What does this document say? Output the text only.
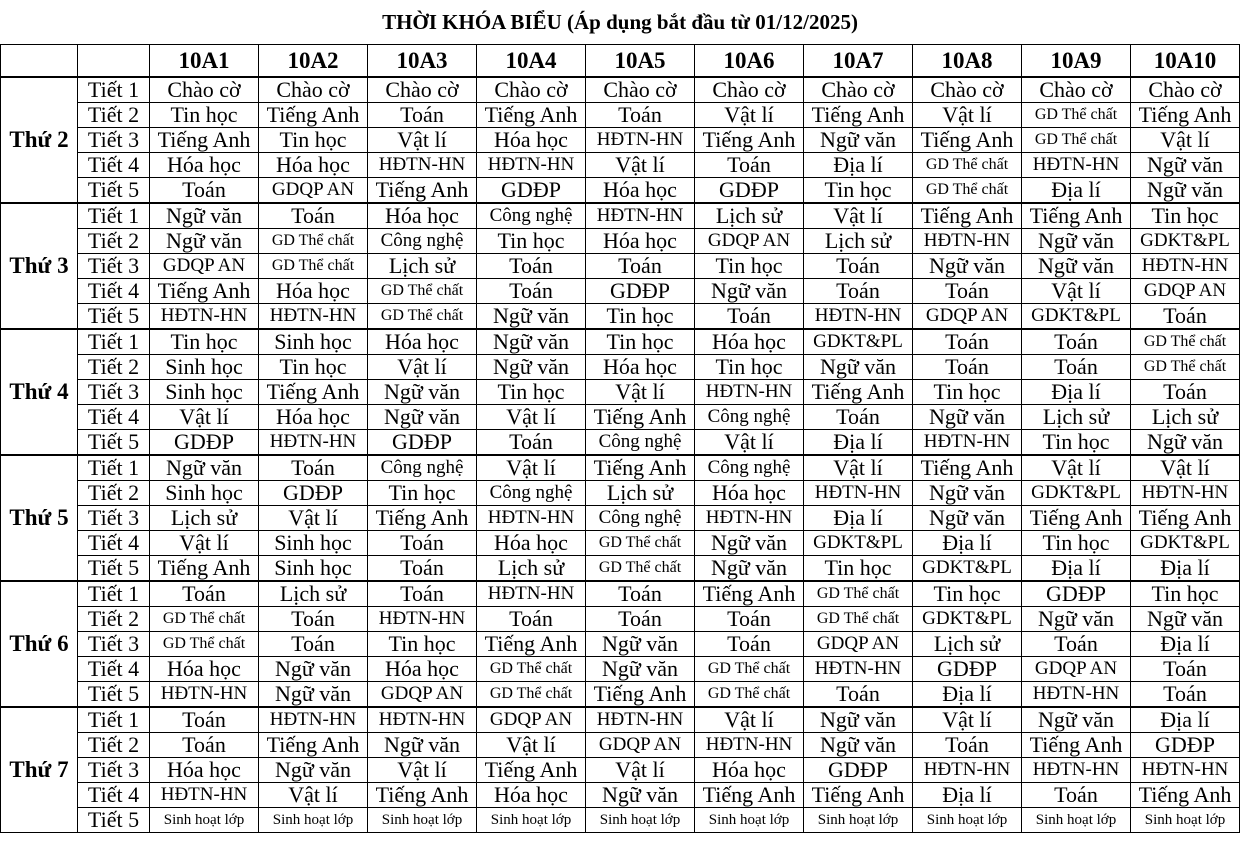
THỜI KHÓA BIỂU (Áp dụng bắt đầu từ 01/12/2025)
		10A1	10A2	10A3	10A4	10A5	10A6	10A7	10A8	10A9	10A10
Thứ 2	Tiết 1	Chào cờ	Chào cờ	Chào cờ	Chào cờ	Chào cờ	Chào cờ	Chào cờ	Chào cờ	Chào cờ	Chào cờ
	Tiết 2	Tin học	Tiếng Anh	Toán	Tiếng Anh	Toán	Vật lí	Tiếng Anh	Vật lí	GD Thể chất	Tiếng Anh
	Tiết 3	Tiếng Anh	Tin học	Vật lí	Hóa học	HĐTN-HN	Tiếng Anh	Ngữ văn	Tiếng Anh	GD Thể chất	Vật lí
	Tiết 4	Hóa học	Hóa học	HĐTN-HN	HĐTN-HN	Vật lí	Toán	Địa lí	GD Thể chất	HĐTN-HN	Ngữ văn
	Tiết 5	Toán	GDQP AN	Tiếng Anh	GDĐP	Hóa học	GDĐP	Tin học	GD Thể chất	Địa lí	Ngữ văn
Thứ 3	Tiết 1	Ngữ văn	Toán	Hóa học	Công nghệ	HĐTN-HN	Lịch sử	Vật lí	Tiếng Anh	Tiếng Anh	Tin học
	Tiết 2	Ngữ văn	GD Thể chất	Công nghệ	Tin học	Hóa học	GDQP AN	Lịch sử	HĐTN-HN	Ngữ văn	GDKT&PL
	Tiết 3	GDQP AN	GD Thể chất	Lịch sử	Toán	Toán	Tin học	Toán	Ngữ văn	Ngữ văn	HĐTN-HN
	Tiết 4	Tiếng Anh	Hóa học	GD Thể chất	Toán	GDĐP	Ngữ văn	Toán	Toán	Vật lí	GDQP AN
	Tiết 5	HĐTN-HN	HĐTN-HN	GD Thể chất	Ngữ văn	Tin học	Toán	HĐTN-HN	GDQP AN	GDKT&PL	Toán
Thứ 4	Tiết 1	Tin học	Sinh học	Hóa học	Ngữ văn	Tin học	Hóa học	GDKT&PL	Toán	Toán	GD Thể chất
	Tiết 2	Sinh học	Tin học	Vật lí	Ngữ văn	Hóa học	Tin học	Ngữ văn	Toán	Toán	GD Thể chất
	Tiết 3	Sinh học	Tiếng Anh	Ngữ văn	Tin học	Vật lí	HĐTN-HN	Tiếng Anh	Tin học	Địa lí	Toán
	Tiết 4	Vật lí	Hóa học	Ngữ văn	Vật lí	Tiếng Anh	Công nghệ	Toán	Ngữ văn	Lịch sử	Lịch sử
	Tiết 5	GDĐP	HĐTN-HN	GDĐP	Toán	Công nghệ	Vật lí	Địa lí	HĐTN-HN	Tin học	Ngữ văn
Thứ 5	Tiết 1	Ngữ văn	Toán	Công nghệ	Vật lí	Tiếng Anh	Công nghệ	Vật lí	Tiếng Anh	Vật lí	Vật lí
	Tiết 2	Sinh học	GDĐP	Tin học	Công nghệ	Lịch sử	Hóa học	HĐTN-HN	Ngữ văn	GDKT&PL	HĐTN-HN
	Tiết 3	Lịch sử	Vật lí	Tiếng Anh	HĐTN-HN	Công nghệ	HĐTN-HN	Địa lí	Ngữ văn	Tiếng Anh	Tiếng Anh
	Tiết 4	Vật lí	Sinh học	Toán	Hóa học	GD Thể chất	Ngữ văn	GDKT&PL	Địa lí	Tin học	GDKT&PL
	Tiết 5	Tiếng Anh	Sinh học	Toán	Lịch sử	GD Thể chất	Ngữ văn	Tin học	GDKT&PL	Địa lí	Địa lí
Thứ 6	Tiết 1	Toán	Lịch sử	Toán	HĐTN-HN	Toán	Tiếng Anh	GD Thể chất	Tin học	GDĐP	Tin học
	Tiết 2	GD Thể chất	Toán	HĐTN-HN	Toán	Toán	Toán	GD Thể chất	GDKT&PL	Ngữ văn	Ngữ văn
	Tiết 3	GD Thể chất	Toán	Tin học	Tiếng Anh	Ngữ văn	Toán	GDQP AN	Lịch sử	Toán	Địa lí
	Tiết 4	Hóa học	Ngữ văn	Hóa học	GD Thể chất	Ngữ văn	GD Thể chất	HĐTN-HN	GDĐP	GDQP AN	Toán
	Tiết 5	HĐTN-HN	Ngữ văn	GDQP AN	GD Thể chất	Tiếng Anh	GD Thể chất	Toán	Địa lí	HĐTN-HN	Toán
Thứ 7	Tiết 1	Toán	HĐTN-HN	HĐTN-HN	GDQP AN	HĐTN-HN	Vật lí	Ngữ văn	Vật lí	Ngữ văn	Địa lí
	Tiết 2	Toán	Tiếng Anh	Ngữ văn	Vật lí	GDQP AN	HĐTN-HN	Ngữ văn	Toán	Tiếng Anh	GDĐP
	Tiết 3	Hóa học	Ngữ văn	Vật lí	Tiếng Anh	Vật lí	Hóa học	GDĐP	HĐTN-HN	HĐTN-HN	HĐTN-HN
	Tiết 4	HĐTN-HN	Vật lí	Tiếng Anh	Hóa học	Ngữ văn	Tiếng Anh	Tiếng Anh	Địa lí	Toán	Tiếng Anh
	Tiết 5	Sinh hoạt lớp	Sinh hoạt lớp	Sinh hoạt lớp	Sinh hoạt lớp	Sinh hoạt lớp	Sinh hoạt lớp	Sinh hoạt lớp	Sinh hoạt lớp	Sinh hoạt lớp	Sinh hoạt lớp
